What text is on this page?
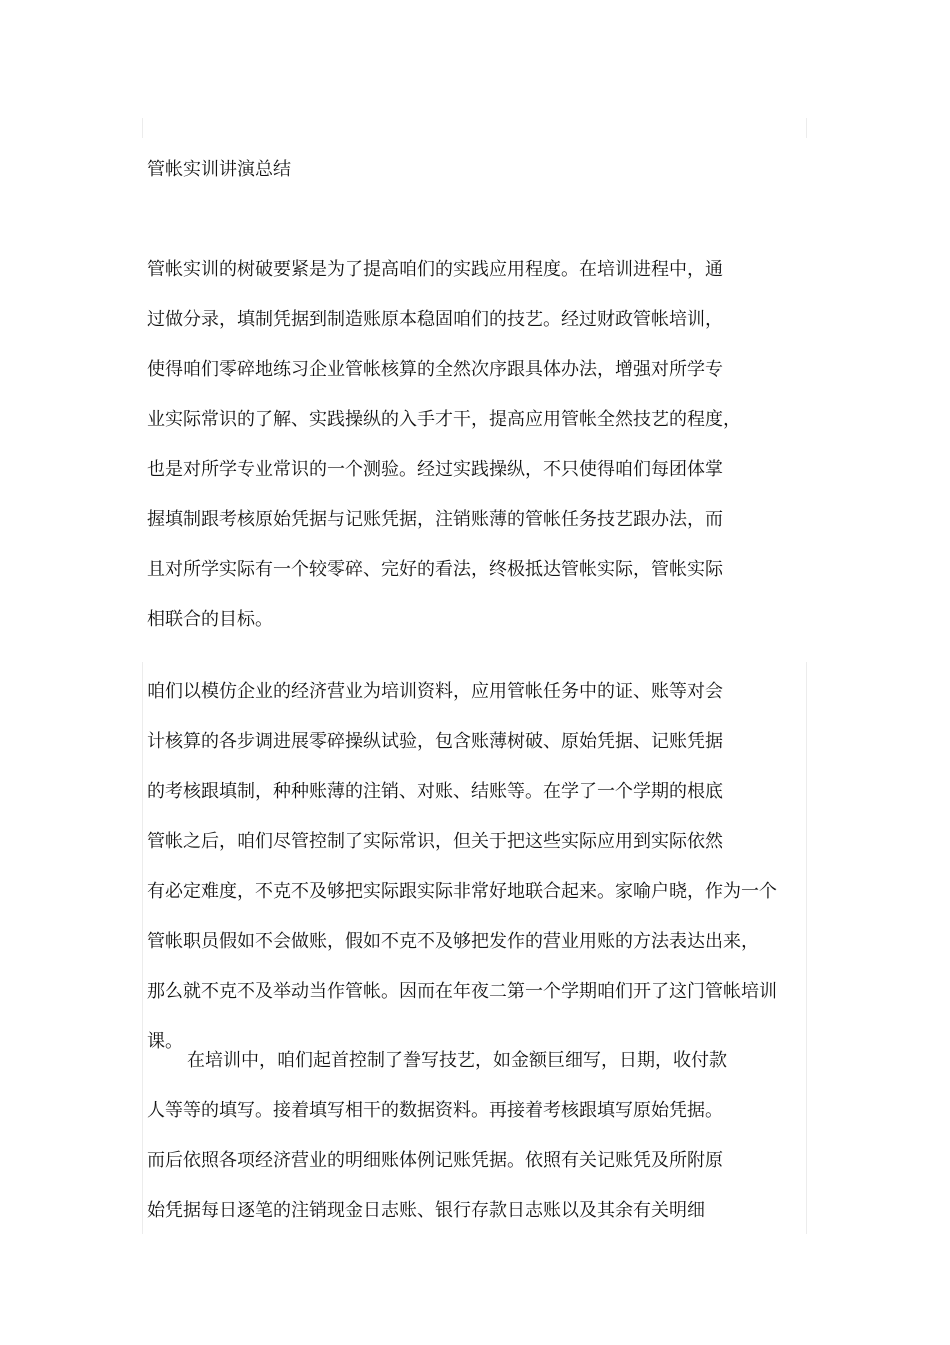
管帐实训讲演总结

管帐实训的树破要紧是为了提高咱们的实践应用程度。在培训进程中，通
过做分录，填制凭据到制造账原本稳固咱们的技艺。经过财政管帐培训，
使得咱们零碎地练习企业管帐核算的全然次序跟具体办法，增强对所学专
业实际常识的了解、实践操纵的入手才干，提高应用管帐全然技艺的程度，
也是对所学专业常识的一个测验。经过实践操纵，不只使得咱们每团体掌
握填制跟考核原始凭据与记账凭据，注销账薄的管帐任务技艺跟办法，而
且对所学实际有一个较零碎、完好的看法，终极抵达管帐实际，管帐实际
相联合的目标。

咱们以模仿企业的经济营业为培训资料，应用管帐任务中的证、账等对会
计核算的各步调进展零碎操纵试验，包含账薄树破、原始凭据、记账凭据
的考核跟填制，种种账薄的注销、对账、结账等。在学了一个学期的根底
管帐之后，咱们尽管控制了实际常识，但关于把这些实际应用到实际依然
有必定难度，不克不及够把实际跟实际非常好地联合起来。家喻户晓，作为一个
管帐职员假如不会做账，假如不克不及够把发作的营业用账的方法表达出来，
那么就不克不及举动当作管帐。因而在年夜二第一个学期咱们开了这门管帐培训
课。

在培训中，咱们起首控制了誊写技艺，如金额巨细写，日期，收付款
人等等的填写。接着填写相干的数据资料。再接着考核跟填写原始凭据。
而后依照各项经济营业的明细账体例记账凭据。依照有关记账凭及所附原
始凭据每日逐笔的注销现金日志账、银行存款日志账以及其余有关明细
